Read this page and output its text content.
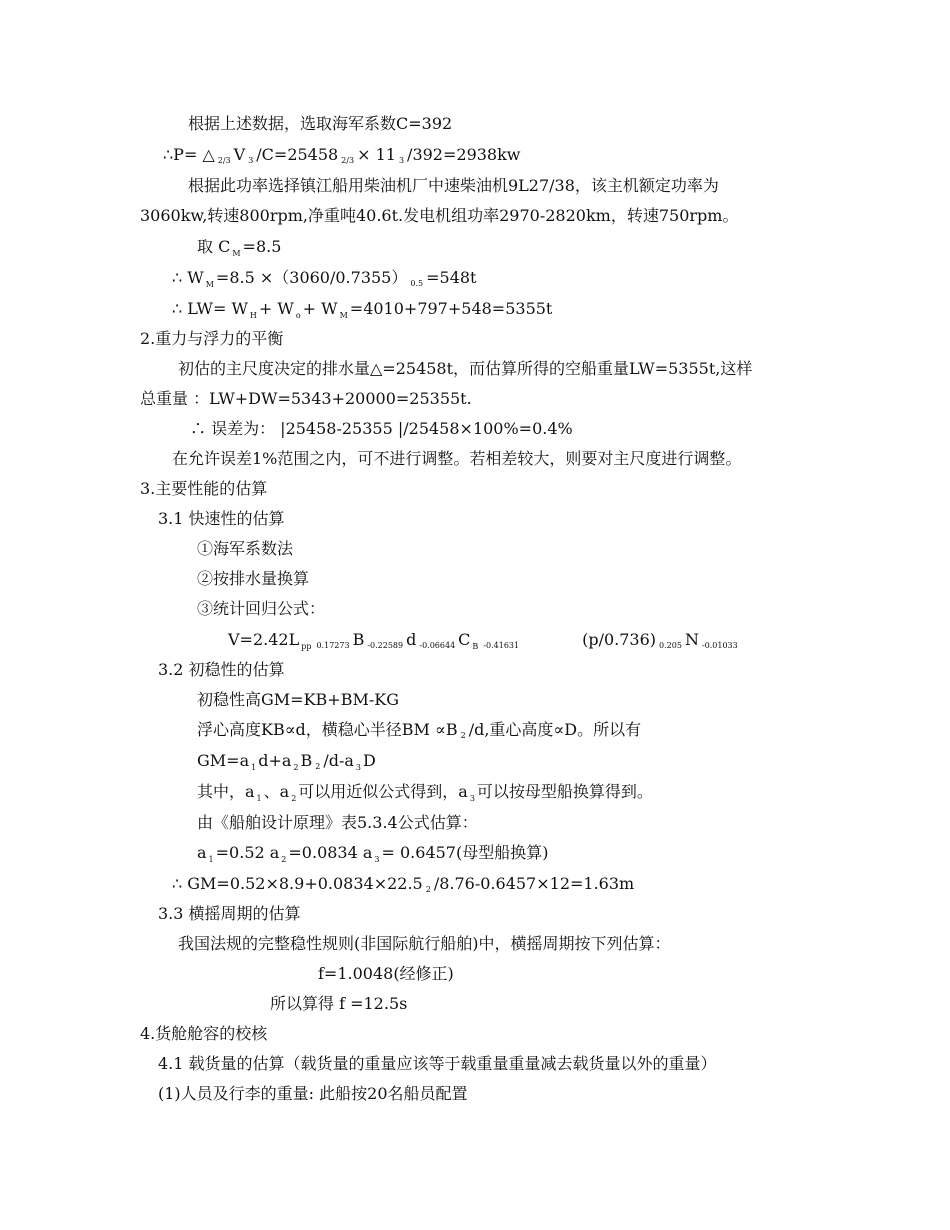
根据上述数据，选取海军系数C=392
∴P= △ 2/3 V 3 /C=25458 2/3 × 11 3 /392=2938kw
根据此功率选择镇江船用柴油机厂中速柴油机9L27/38，该主机额定功率为
3060kw,转速800rpm,净重吨40.6t.发电机组功率2970-2820km，转速750rpm。
取 C $_M$ =8.5
∴ W $_M$ =8.5 ×（3060/0.7355） 0.5 =548t
∴ LW= W $_H$ + W $_o$ + W $_M$ =4010+797+548=5355t
2.重力与浮力的平衡
初估的主尺度决定的排水量△=25458t，而估算所得的空船重量LW=5355t,这样
总重量 ：LW+DW=5343+20000=25355t.
∴ 误差为： |25458-25355 |/25458×100%=0.4%
在允许误差1%范围之内，可不进行调整。若相差较大，则要对主尺度进行调整。
3.主要性能的估算
3.1 快速性的估算
①海军系数法
②按排水量换算
③统计回归公式：
V=2.42L $_{pp}$ 0.17273 B -0.22589 d -0.06644 C $_B$ -0.41631	(p/0.736) 0.205 N -0.01033
3.2 初稳性的估算
初稳性高GM=KB+BM-KG
浮心高度KB∝d，横稳心半径BM ∝B 2 /d,重心高度∝D。所以有
GM=a $_1$ d+a $_2$ B 2 /d-a $_3$ D
其中，a $_1$ 、a $_2$ 可以用近似公式得到，a $_3$ 可以按母型船换算得到。
由《船舶设计原理》表5.3.4公式估算：
a $_1$ =0.52 a $_2$ =0.0834 a $_3$ = 0.6457(母型船换算)
∴ GM=0.52×8.9+0.0834×22.5 2 /8.76-0.6457×12=1.63m
3.3 横摇周期的估算
我国法规的完整稳性规则(非国际航行船舶)中，横摇周期按下列估算：
f=1.0048(经修正)
所以算得 f =12.5s
4.货舱舱容的校核
4.1 载货量的估算（载货量的重量应该等于载重量重量减去载货量以外的重量）
(1)人员及行李的重量: 此船按20名船员配置
